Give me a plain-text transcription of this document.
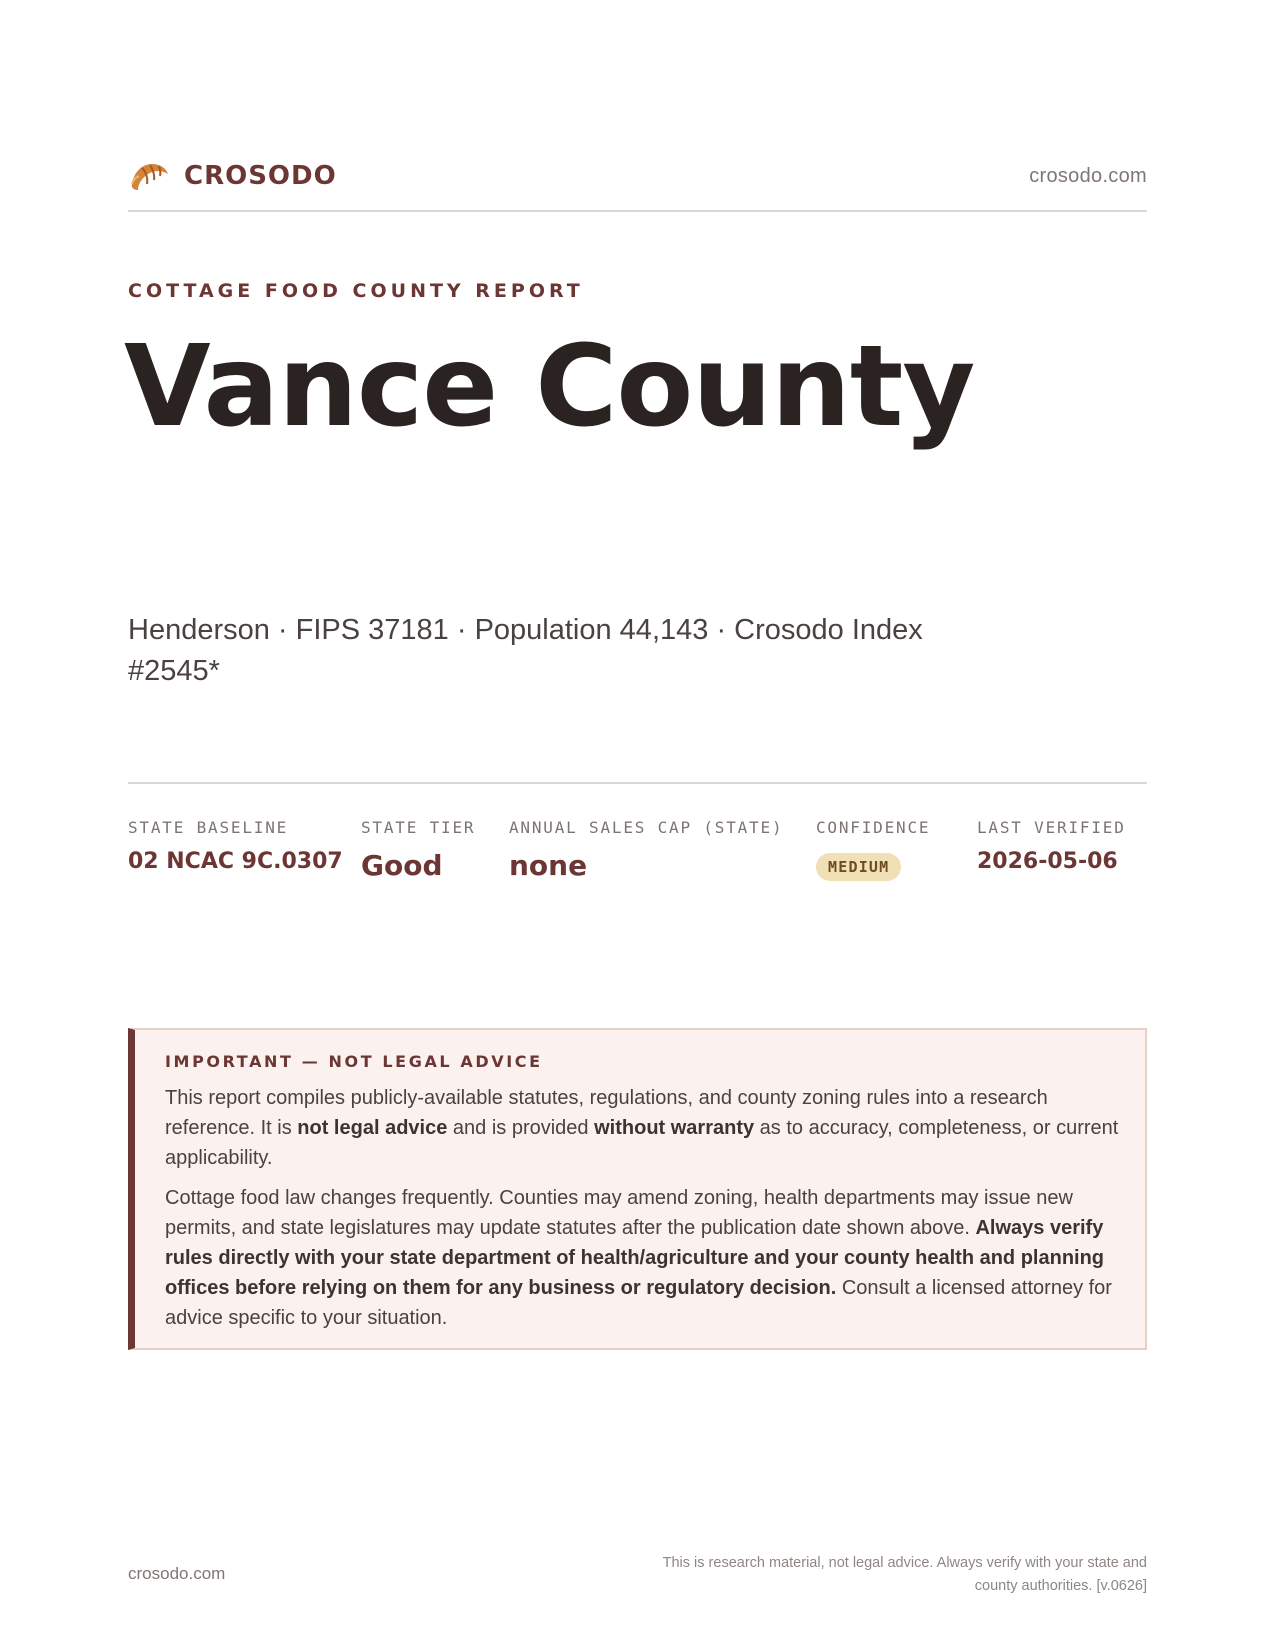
CROSODO	crosodo.com
COTTAGE FOOD COUNTY REPORT
Vance County
Henderson · FIPS 37181 · Population 44,143 · Crosodo Index #2545*
STATE BASELINE
02 NCAC 9C.0307
STATE TIER
Good
ANNUAL SALES CAP (STATE)
none
CONFIDENCE
MEDIUM
LAST VERIFIED
2026-05-06
IMPORTANT — NOT LEGAL ADVICE

This report compiles publicly-available statutes, regulations, and county zoning rules into a research reference. It is not legal advice and is provided without warranty as to accuracy, completeness, or current applicability.

Cottage food law changes frequently. Counties may amend zoning, health departments may issue new permits, and state legislatures may update statutes after the publication date shown above. Always verify rules directly with your state department of health/agriculture and your county health and planning offices before relying on them for any business or regulatory decision. Consult a licensed attorney for advice specific to your situation.

crosodo.com
This is research material, not legal advice. Always verify with your state and county authorities. [v.0626]
